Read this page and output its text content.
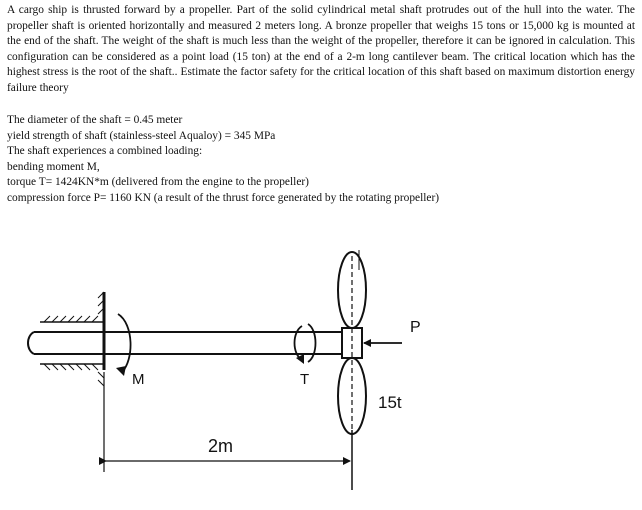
A cargo ship is thrusted forward by a propeller. Part of the solid cylindrical metal shaft protrudes out of the hull into the water. The propeller shaft is oriented horizontally and measured 2 meters long. A bronze propeller that weighs 15 tons or 15,000 kg is mounted at the end of the shaft. The weight of the shaft is much less than the weight of the propeller, therefore it can be ignored in calculation. This configuration can be considered as a point load (15 ton) at the end of a 2-m long cantilever beam. The critical location which has the highest stress is the root of the shaft.. Estimate the factor safety for the critical location of this shaft based on maximum distortion energy failure theory
The diameter of the shaft = 0.45 meter
yield strength of shaft (stainless-steel Aqualoy) = 345 MPa
The shaft experiences a combined loading:
bending moment M,
torque T= 1424KN*m (delivered from the engine to the propeller)
compression force P= 1160 KN (a result of the thrust force generated by the rotating propeller)
M	T
P
15t
2m
